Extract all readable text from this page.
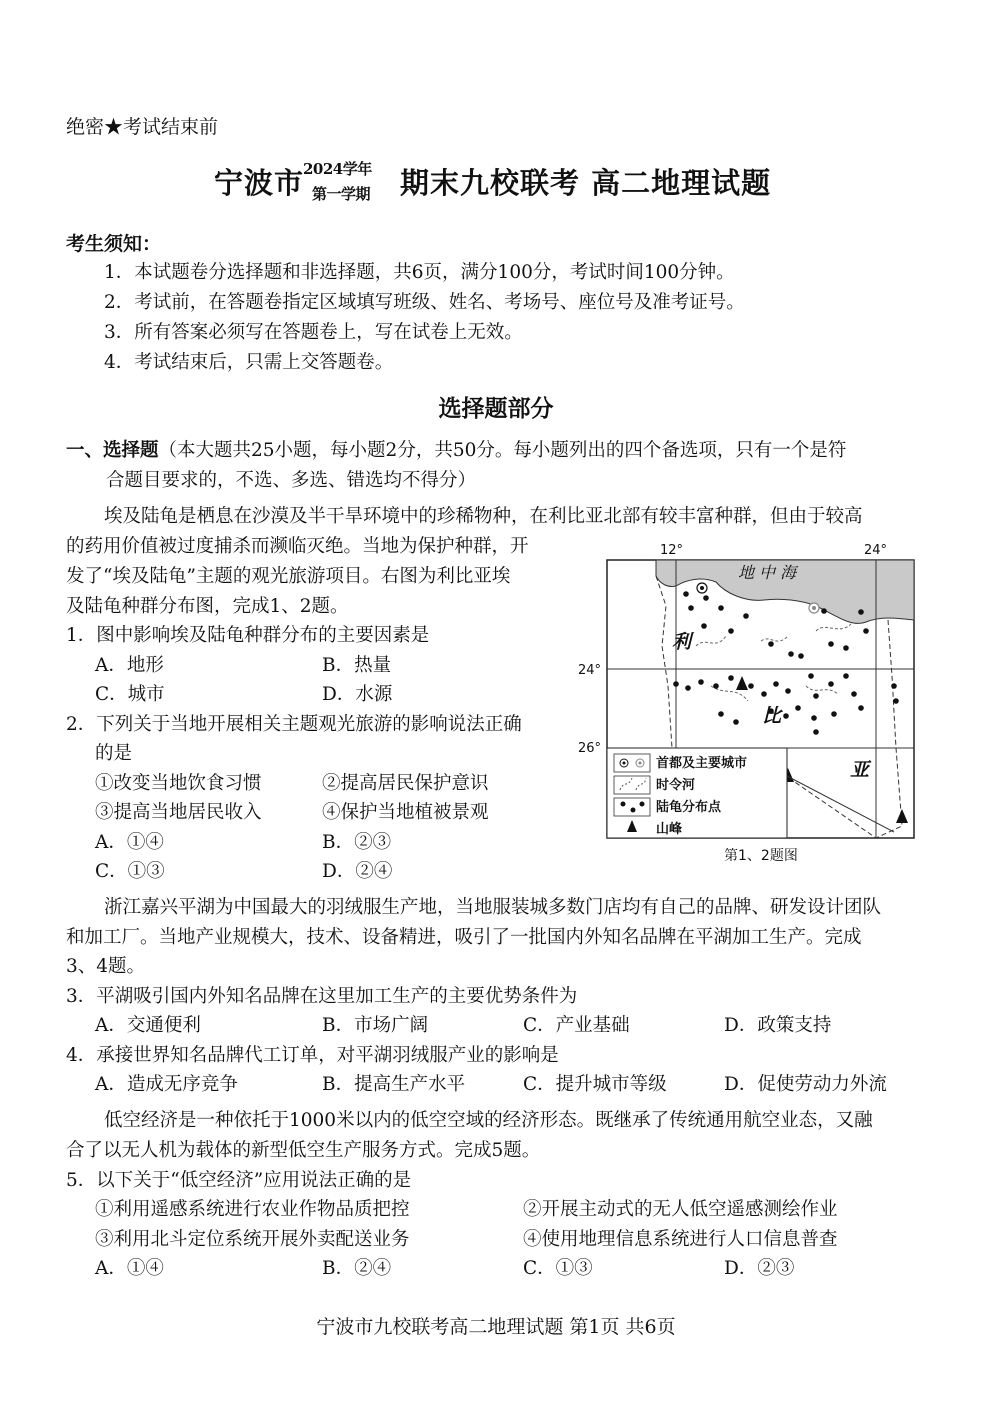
绝密★考试结束前
宁波市
2024学年
第一学期 期末九校联考 高二地理试题
考生须知：
1．本试题卷分选择题和非选择题，共6页，满分100分，考试时间100分钟。
2．考试前，在答题卷指定区域填写班级、姓名、考场号、座位号及准考证号。
3．所有答案必须写在答题卷上，写在试卷上无效。
4．考试结束后，只需上交答题卷。
选择题部分
一、选择题（本大题共25小题，每小题2分，共50分。每小题列出的四个备选项，只有一个是符
合题目要求的，不选、多选、错选均不得分）
埃及陆龟是栖息在沙漠及半干旱环境中的珍稀物种，在利比亚北部有较丰富种群，但由于较高
的药用价值被过度捕杀而濒临灭绝。当地为保护种群，开
发了“埃及陆龟”主题的观光旅游项目。右图为利比亚埃
及陆龟种群分布图，完成1、2题。
1．图中影响埃及陆龟种群分布的主要因素是
A．地形	B．热量
C．城市	D．水源
2．下列关于当地开展相关主题观光旅游的影响说法正确
的是
①改变当地饮食习惯	②提高居民保护意识
③提高当地居民收入	④保护当地植被景观
A．①④	B．②③
C．①③	D．②④
12°	24°
24°
26°
地 中 海
利
比
亚
首都及主要城市
时令河
陆龟分布点
山峰
第1、2题图
浙江嘉兴平湖为中国最大的羽绒服生产地，当地服装城多数门店均有自己的品牌、研发设计团队
和加工厂。当地产业规模大，技术、设备精进，吸引了一批国内外知名品牌在平湖加工生产。完成
3、4题。
3．平湖吸引国内外知名品牌在这里加工生产的主要优势条件为
A．交通便利	B．市场广阔	C．产业基础	D．政策支持
4．承接世界知名品牌代工订单，对平湖羽绒服产业的影响是
A．造成无序竞争	B．提高生产水平	C．提升城市等级	D．促使劳动力外流
低空经济是一种依托于1000米以内的低空空域的经济形态。既继承了传统通用航空业态，又融
合了以无人机为载体的新型低空生产服务方式。完成5题。
5．以下关于“低空经济”应用说法正确的是
①利用遥感系统进行农业作物品质把控	②开展主动式的无人低空遥感测绘作业
③利用北斗定位系统开展外卖配送业务	④使用地理信息系统进行人口信息普查
A．①④	B．②④	C．①③	D．②③
宁波市九校联考高二地理试题 第1页 共6页
